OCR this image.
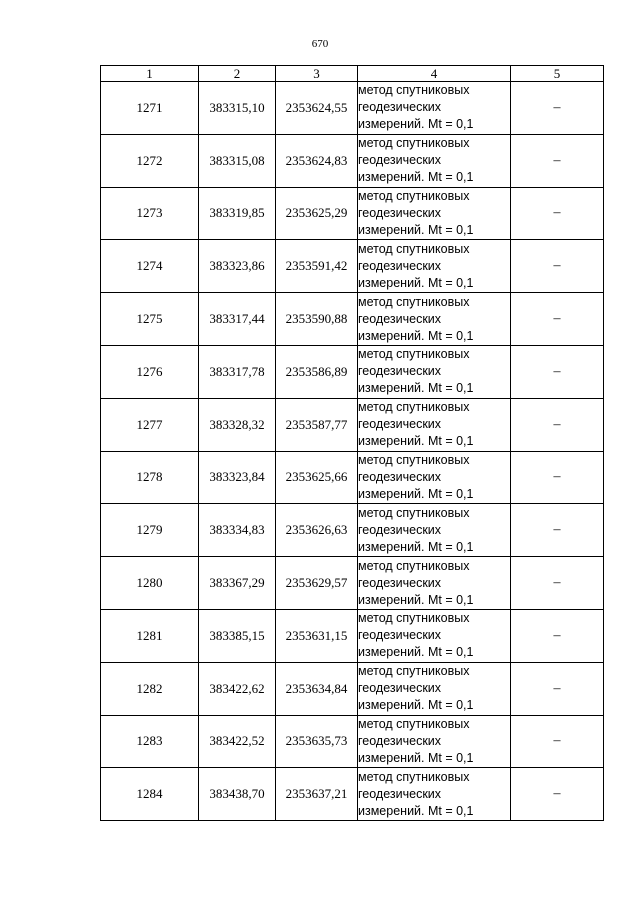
670
1	2	3	4	5
1271	383315,10	2353624,55	метод спутниковых
геодезических
измерений. Mt = 0,1	–
1272	383315,08	2353624,83	метод спутниковых
геодезических
измерений. Mt = 0,1	–
1273	383319,85	2353625,29	метод спутниковых
геодезических
измерений. Mt = 0,1	–
1274	383323,86	2353591,42	метод спутниковых
геодезических
измерений. Mt = 0,1	–
1275	383317,44	2353590,88	метод спутниковых
геодезических
измерений. Mt = 0,1	–
1276	383317,78	2353586,89	метод спутниковых
геодезических
измерений. Mt = 0,1	–
1277	383328,32	2353587,77	метод спутниковых
геодезических
измерений. Mt = 0,1	–
1278	383323,84	2353625,66	метод спутниковых
геодезических
измерений. Mt = 0,1	–
1279	383334,83	2353626,63	метод спутниковых
геодезических
измерений. Mt = 0,1	–
1280	383367,29	2353629,57	метод спутниковых
геодезических
измерений. Mt = 0,1	–
1281	383385,15	2353631,15	метод спутниковых
геодезических
измерений. Mt = 0,1	–
1282	383422,62	2353634,84	метод спутниковых
геодезических
измерений. Mt = 0,1	–
1283	383422,52	2353635,73	метод спутниковых
геодезических
измерений. Mt = 0,1	–
1284	383438,70	2353637,21	метод спутниковых
геодезических
измерений. Mt = 0,1	–
